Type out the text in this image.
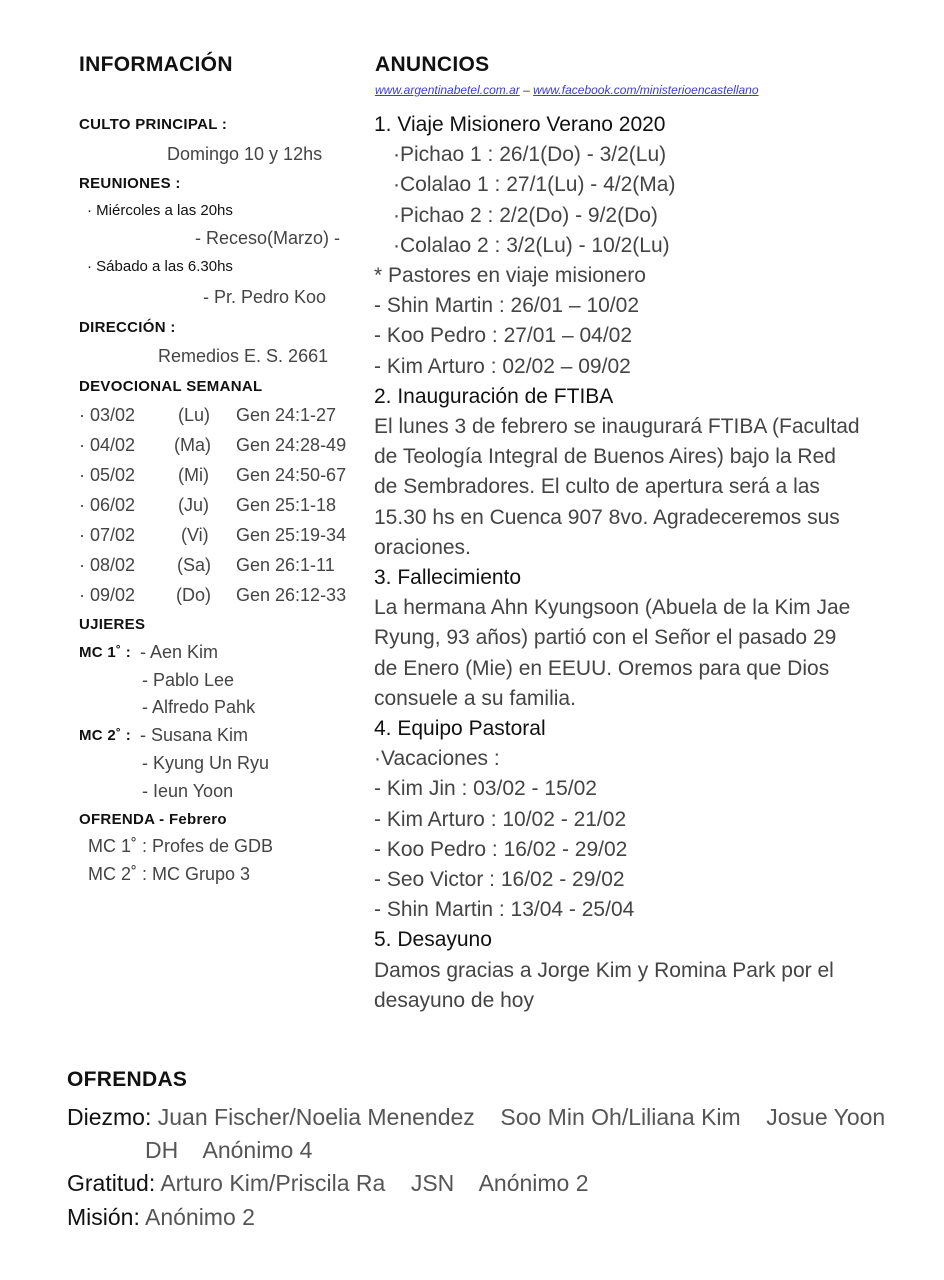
INFORMACIÓN
CULTO PRINCIPAL :
Domingo 10 y 12hs
REUNIONES :
· Miércoles a las 20hs
- Receso(Marzo) -
· Sábado a las 6.30hs
- Pr. Pedro Koo
DIRECCIÓN :
Remedios E. S. 2661
DEVOCIONAL SEMANAL
· 03/02 (Lu) Gen 24:1-27
· 04/02 (Ma) Gen 24:28-49
· 05/02 (Mi) Gen 24:50-67
· 06/02 (Ju) Gen 25:1-18
· 07/02	(Vi) Gen 25:19-34
· 08/02 (Sa) Gen 26:1-11
· 09/02 (Do) Gen 26:12-33
UJIERES
MC 1˚ : - Aen Kim
- Pablo Lee
- Alfredo Pahk
MC 2˚ : - Susana Kim
- Kyung Un Ryu
- Ieun Yoon
OFRENDA - Febrero
MC 1˚ : Profes de GDB
MC 2˚ : MC Grupo 3
ANUNCIOS
www.argentinabetel.com.ar – www.facebook.com/ministerioencastellano
1. Viaje Misionero Verano 2020
·Pichao 1 : 26/1(Do) - 3/2(Lu)
·Colalao 1 : 27/1(Lu) - 4/2(Ma)
·Pichao 2 : 2/2(Do) - 9/2(Do)
·Colalao 2 : 3/2(Lu) - 10/2(Lu)
* Pastores en viaje misionero
- Shin Martin : 26/01 – 10/02
- Koo Pedro : 27/01 – 04/02
- Kim Arturo : 02/02 – 09/02
2. Inauguración de FTIBA
El lunes 3 de febrero se inaugurará FTIBA (Facultad
de Teología Integral de Buenos Aires) bajo la Red
de Sembradores. El culto de apertura será a las
15.30 hs en Cuenca 907 8vo. Agradeceremos sus
oraciones.
3. Fallecimiento
La hermana Ahn Kyungsoon (Abuela de la Kim Jae
Ryung, 93 años) partió con el Señor el pasado 29
de Enero (Mie) en EEUU. Oremos para que Dios
consuele a su familia.
4. Equipo Pastoral
·Vacaciones :
- Kim Jin : 03/02 - 15/02
- Kim Arturo : 10/02 - 21/02
- Koo Pedro : 16/02 - 29/02
- Seo Victor : 16/02 - 29/02
- Shin Martin : 13/04 - 25/04
5. Desayuno
Damos gracias a Jorge Kim y Romina Park por el
desayuno de hoy
OFRENDAS
Diezmo: Juan Fischer/Noelia Menendez    Soo Min Oh/Liliana Kim    Josue Yoon
DH    Anónimo 4
Gratitud: Arturo Kim/Priscila Ra    JSN    Anónimo 2
Misión: Anónimo 2
